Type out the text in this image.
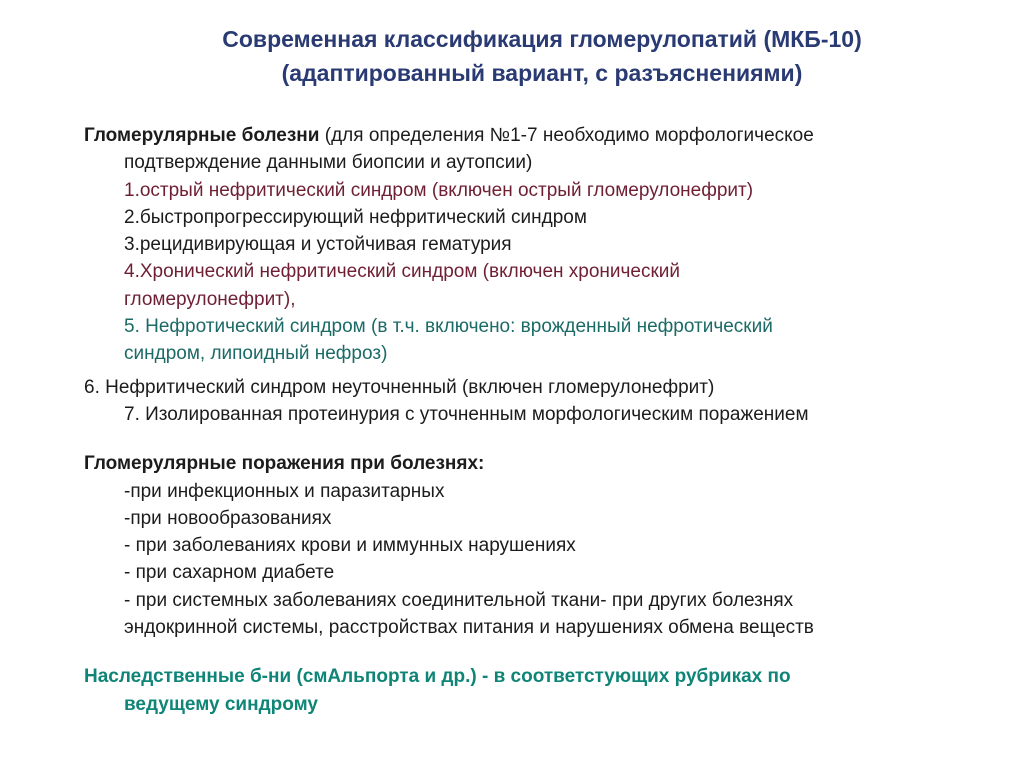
Современная классификация гломерулопатий (МКБ-10)
(адаптированный вариант, с разъяснениями)
Гломерулярные болезни (для определения №1-7 необходимо морфологическое
подтверждение данными биопсии и аутопсии)
1.острый нефритический синдром (включен острый гломерулонефрит)
2.быстропрогрессирующий нефритический синдром
3.рецидивирующая и устойчивая гематурия
4.Хронический нефритический синдром (включен хронический
гломерулонефрит),
5. Нефротический синдром (в т.ч. включено: врожденный нефротический
синдром, липоидный нефроз)
6. Нефритический синдром неуточненный (включен гломерулонефрит)
7. Изолированная протеинурия с уточненным морфологическим поражением
Гломерулярные поражения при болезнях:
-при инфекционных и паразитарных
-при новообразованиях
- при заболеваниях крови и иммунных нарушениях
- при сахарном диабете
- при системных заболеваниях соединительной ткани- при других болезнях
эндокринной системы, расстройствах питания и нарушениях обмена веществ
Наследственные б-ни (смАльпорта и др.) - в соответстующих рубриках по
ведущему синдрому
